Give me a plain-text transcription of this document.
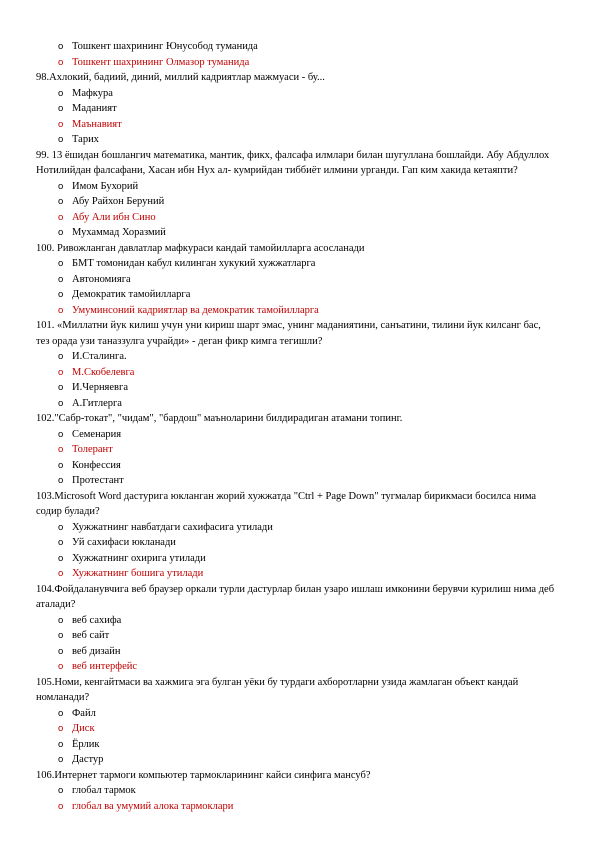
o Тошкент шахрининг Юнусобод туманида
o Тошкент шахрининг Олмазор туманида

98.Ахлокий, бадиий, диний, миллий кадриятлар мажмуаси - бу...

o Мафкура
o Маданият
o Маънавият
o Тарих

99. 13 ёшидан бошлангич математика, мантик, фикх, фалсафа илмлари билан шугуллана бошлайди. Абу Абдуллох Нотилийдан фалсафани, Хасан ибн Нух ал- кумрийдан тиббиёт илмини урганди. Гап ким хакида кетаяпти?

o Имом Бухорий
o Абу Райхон Беруний
o Абу Али ибн Сино
o Мухаммад Хоразмий

100. Ривожланган давлатлар мафкураси кандай тамойилларга асосланади

o БМТ томонидан кабул килинган хукукий хужжатларга
o Автономияга
o Демократик тамойилларга
o Умуминсоний кадриятлар ва демократик тамойилларга

101. «Миллатни йук килиш учун уни кириш шарт эмас, унинг маданиятини, санъатини, тилини йук килсанг бас, тез орада узи таназзулга учрайди» - деган фикр кимга тегишли?

o И.Сталинга.
o М.Скобелевга
o И.Черняевга
o А.Гитлерга

102."Сабр-токат", "чидам", "бардош" маъноларини билдирадиган атамани топинг.

o Семенария
o Толерант
o Конфессия
o Протестант

103.Microsoft Word дастурига юкланган жорий хужжатда "Ctrl + Page Down" тугмалар бирикмаси босилса нима содир булади?

o Хужжатнинг навбатдаги сахифасига утилади
o Уй сахифаси юкланади
o Хужжатнинг охирига утилади
o Хужжатнинг бошига утилади

104.Фойдаланувчига веб браузер оркали турли дастурлар билан узаро ишлаш имконини берувчи курилиш нима деб аталади?

o веб сахифа
o веб сайт
o веб дизайн
o веб интерфейс

105.Номи, кенгайтмаси ва хажмига эга булган уёки бу турдаги ахборотларни узида жамлаган объект кандай номланади?

o Файл
o Диск
o Ёрлик
o Дастур

106.Интернет тармоги компьютер тармокларининг кайси синфига мансуб?

o глобал тармок
o глобал ва умумий алока тармоклари
